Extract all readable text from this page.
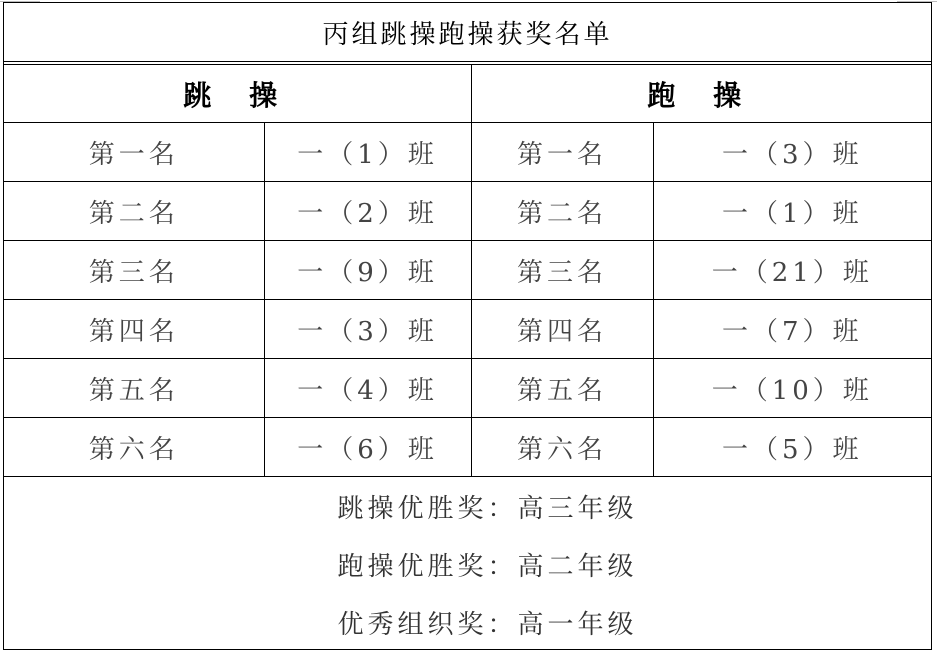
丙组跳操跑操获奖名单
跳 操		跑 操	
第一名	一（1）班	第一名	一（3）班
第二名	一（2）班	第二名	一（1）班
第三名	一（9）班	第三名	一（21）班
第四名	一（3）班	第四名	一（7）班
第五名	一（4）班	第五名	一（10）班
第六名	一（6）班	第六名	一（5）班
跳操优胜奖：高三年级
跑操优胜奖：高二年级
优秀组织奖：高一年级
